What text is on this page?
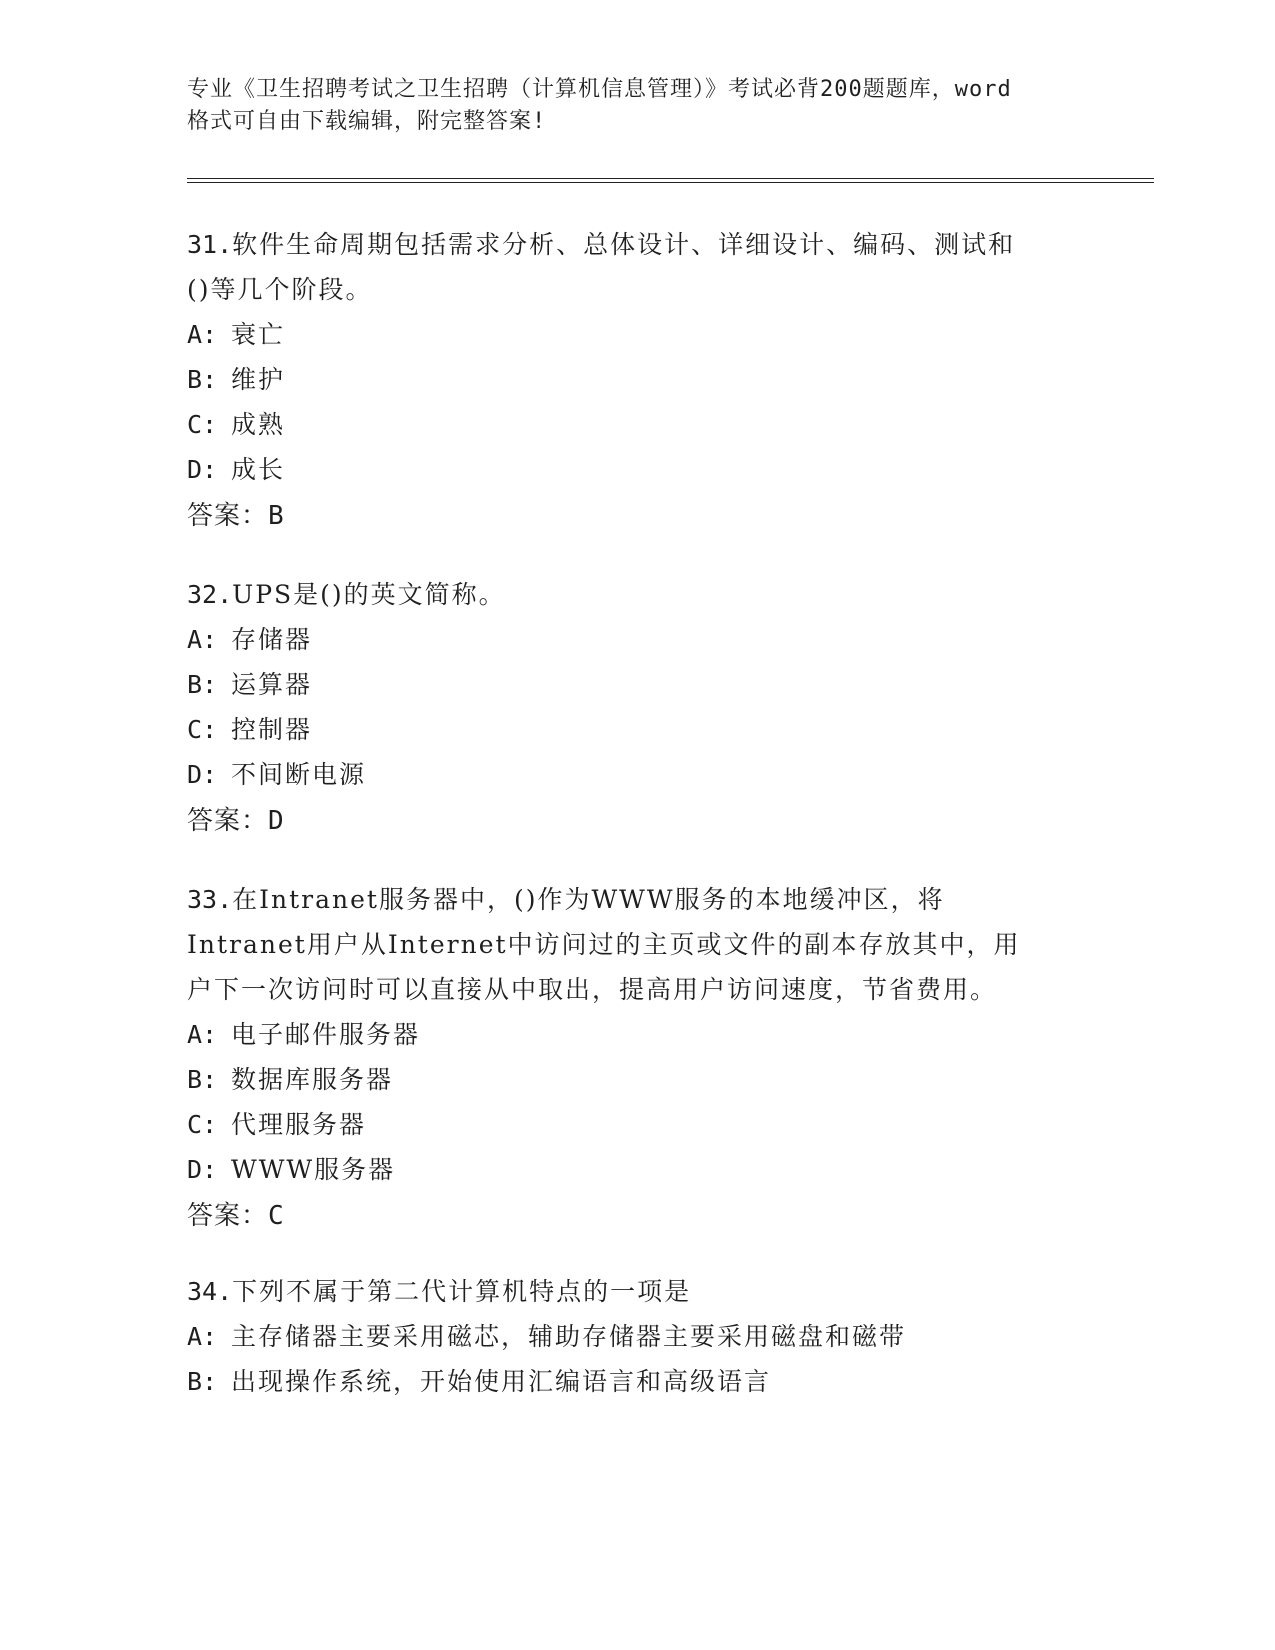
专业《卫生招聘考试之卫生招聘（计算机信息管理）》考试必背200题题库，word
格式可自由下载编辑，附完整答案!
31.软件生命周期包括需求分析、总体设计、详细设计、编码、测试和
()等几个阶段。
A: 衰亡
B: 维护
C: 成熟
D: 成长
答案：B
32.UPS是()的英文简称。
A: 存储器
B: 运算器
C: 控制器
D: 不间断电源
答案：D
33.在Intranet服务器中，()作为WWW服务的本地缓冲区，将
Intranet用户从Internet中访问过的主页或文件的副本存放其中，用
户下一次访问时可以直接从中取出，提高用户访问速度，节省费用。
A: 电子邮件服务器
B: 数据库服务器
C: 代理服务器
D: WWW服务器
答案：C
34.下列不属于第二代计算机特点的一项是
A: 主存储器主要采用磁芯，辅助存储器主要采用磁盘和磁带
B: 出现操作系统，开始使用汇编语言和高级语言
